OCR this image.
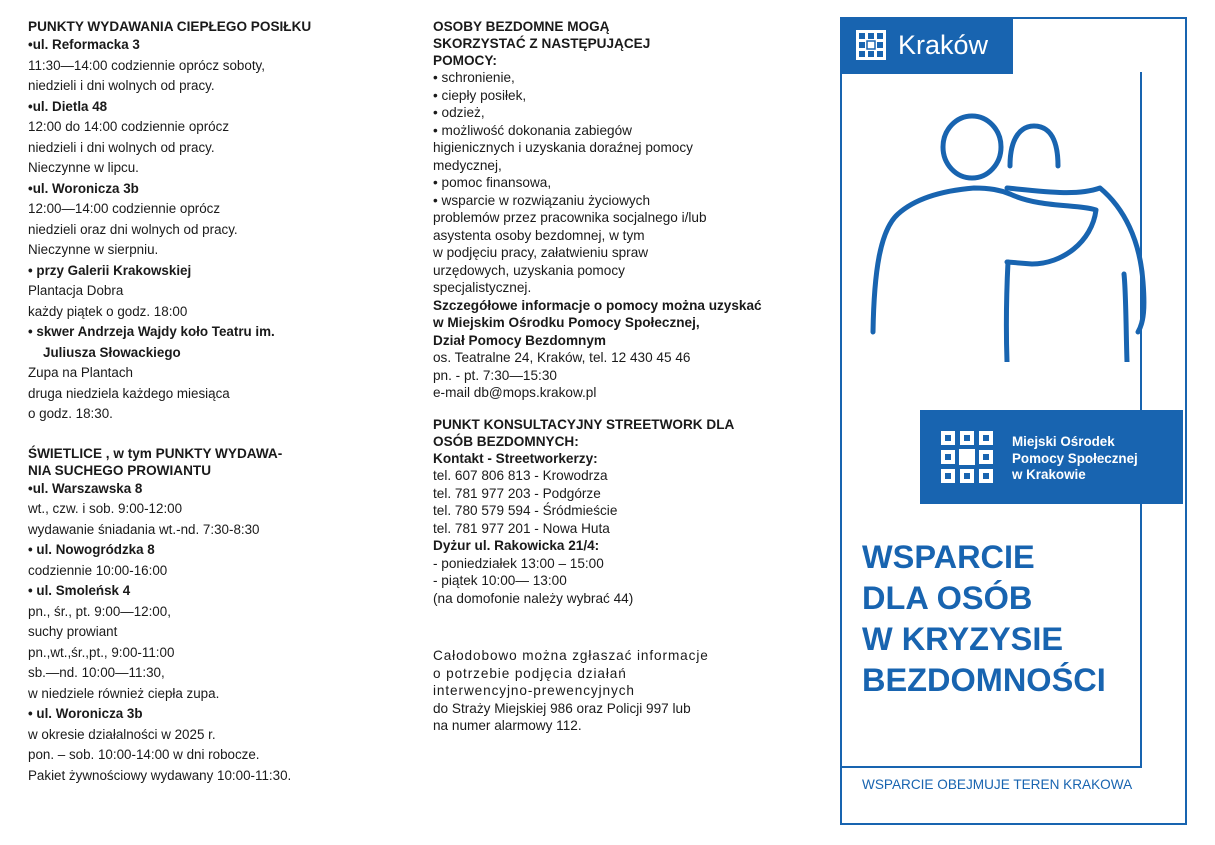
PUNKTY WYDAWANIA CIEPŁEGO POSIŁKU
•ul. Reformacka 3
11:30—14:00 codziennie oprócz soboty,
niedzieli i dni wolnych od pracy.
•ul. Dietla 48
12:00 do 14:00 codziennie oprócz
niedzieli i dni wolnych od pracy.
Nieczynne w lipcu.
•ul. Woronicza 3b
12:00—14:00 codziennie oprócz
niedzieli oraz dni wolnych od pracy.
Nieczynne w sierpniu.
• przy Galerii Krakowskiej
Plantacja Dobra
każdy piątek o godz. 18:00
• skwer Andrzeja Wajdy koło Teatru im.
Juliusza Słowackiego
Zupa na Plantach
druga niedziela każdego miesiąca
o godz. 18:30.
ŚWIETLICE , w tym PUNKTY WYDAWA-
NIA SUCHEGO PROWIANTU
•ul. Warszawska 8
wt., czw. i sob. 9:00-12:00
wydawanie śniadania wt.-nd. 7:30-8:30
• ul. Nowogródzka 8
codziennie 10:00-16:00
• ul. Smoleńsk 4
pn., śr., pt. 9:00—12:00,
suchy prowiant
pn.,wt.,śr.,pt., 9:00-11:00
sb.—nd. 10:00—11:30,
w niedziele również ciepła zupa.
• ul. Woronicza 3b
w okresie działalności w 2025 r.
pon. – sob. 10:00-14:00 w dni robocze.
Pakiet żywnościowy wydawany 10:00-11:30.
OSOBY BEZDOMNE MOGĄ
SKORZYSTAĆ Z NASTĘPUJĄCEJ
POMOCY:
• schronienie,
• ciepły posiłek,
• odzież,
• możliwość dokonania zabiegów
higienicznych i uzyskania doraźnej pomocy
medycznej,
• pomoc finansowa,
• wsparcie w rozwiązaniu życiowych
problemów przez pracownika socjalnego i/lub
asystenta osoby bezdomnej, w tym
w podjęciu pracy, załatwieniu spraw
urzędowych, uzyskania pomocy
specjalistycznej.
Szczegółowe informacje o pomocy można uzyskać
w Miejskim Ośrodku Pomocy Społecznej,
Dział Pomocy Bezdomnym
os. Teatralne 24, Kraków, tel. 12 430 45 46
pn. - pt. 7:30—15:30
e-mail db@mops.krakow.pl
PUNKT KONSULTACYJNY STREETWORK DLA
OSÓB BEZDOMNYCH:
Kontakt - Streetworkerzy:
tel. 607 806 813 - Krowodrza
tel. 781 977 203 - Podgórze
tel. 780 579 594 - Śródmieście
tel. 781 977 201 - Nowa Huta
Dyżur ul. Rakowicka 21/4:
- poniedziałek 13:00 – 15:00
- piątek 10:00— 13:00
(na domofonie należy wybrać 44)
Całodobowo można zgłaszać informacje
o potrzebie podjęcia działań
interwencyjno-prewencyjnych
do Straży Miejskiej 986 oraz Policji 997 lub
na numer alarmowy 112.
Kraków
Miejski Ośrodek
Pomocy Społecznej
w Krakowie
WSPARCIE
DLA OSÓB
W KRYZYSIE
BEZDOMNOŚCI
WSPARCIE OBEJMUJE TEREN KRAKOWA
